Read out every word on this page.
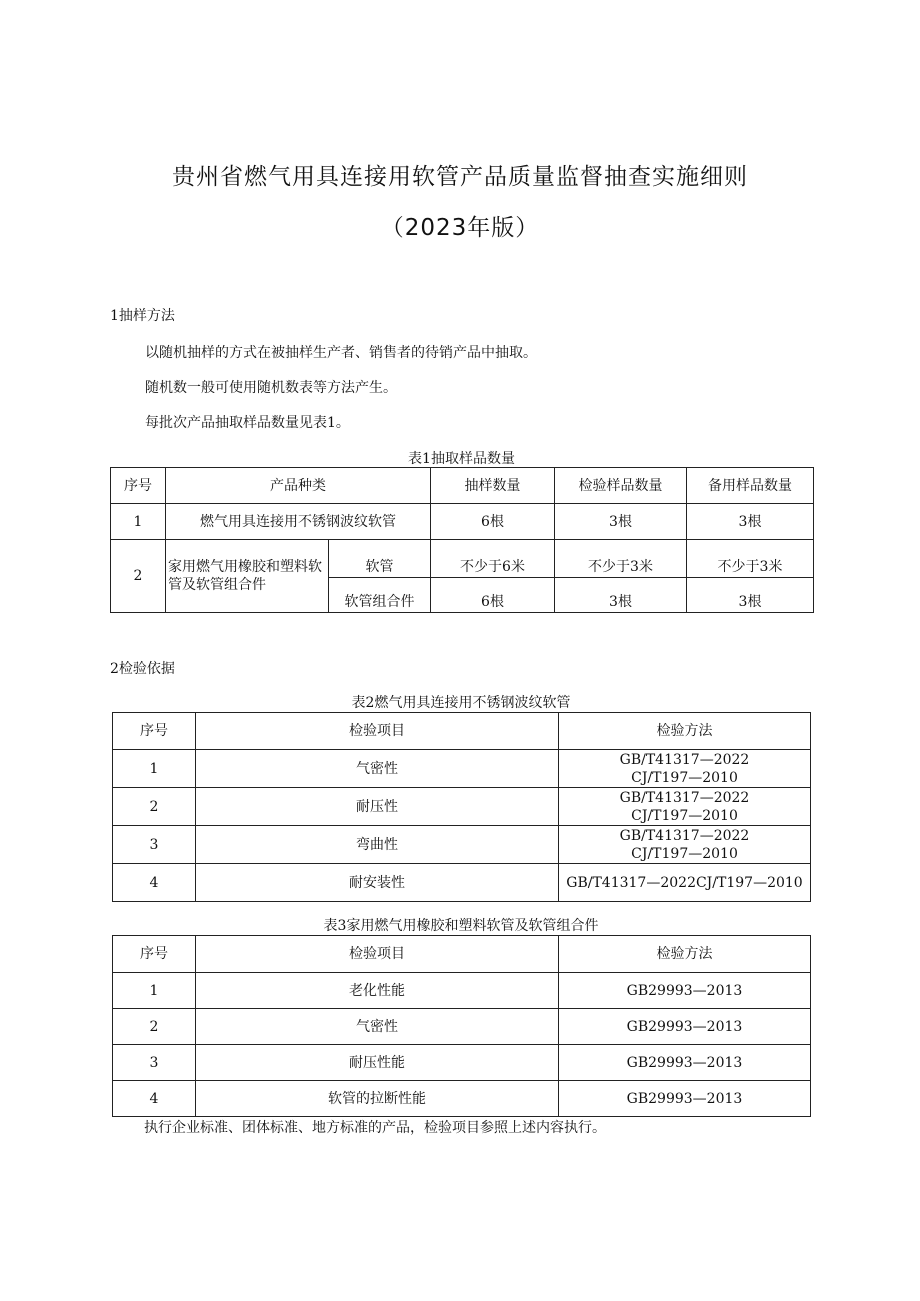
贵州省燃气用具连接用软管产品质量监督抽查实施细则
（2023年版）
1抽样方法
以随机抽样的方式在被抽样生产者、销售者的待销产品中抽取。
随机数一般可使用随机数表等方法产生。
每批次产品抽取样品数量见表1。
表1抽取样品数量
序号	产品种类		抽样数量	检验样品数量	备用样品数量
1	燃气用具连接用不锈钢波纹软管		6根	3根	3根
2	家用燃气用橡胶和塑料软管及软管组合件	软管	不少于6米	不少于3米	不少于3米
		软管组合件	6根	3根	3根
2检验依据
表2燃气用具连接用不锈钢波纹软管
序号	检验项目	检验方法
1	气密性	GB/T41317—2022
CJ/T197—2010

2	耐压性	GB/T41317—2022
CJ/T197—2010

3	弯曲性	GB/T41317—2022
CJ/T197—2010

4	耐安装性	GB/T41317—2022CJ/T197—2010
表3家用燃气用橡胶和塑料软管及软管组合件
序号	检验项目	检验方法
1	老化性能	GB29993—2013
2	气密性	GB29993—2013
3	耐压性能	GB29993—2013
4	软管的拉断性能	GB29993—2013
执行企业标准、团体标准、地方标准的产品，检验项目参照上述内容执行。
